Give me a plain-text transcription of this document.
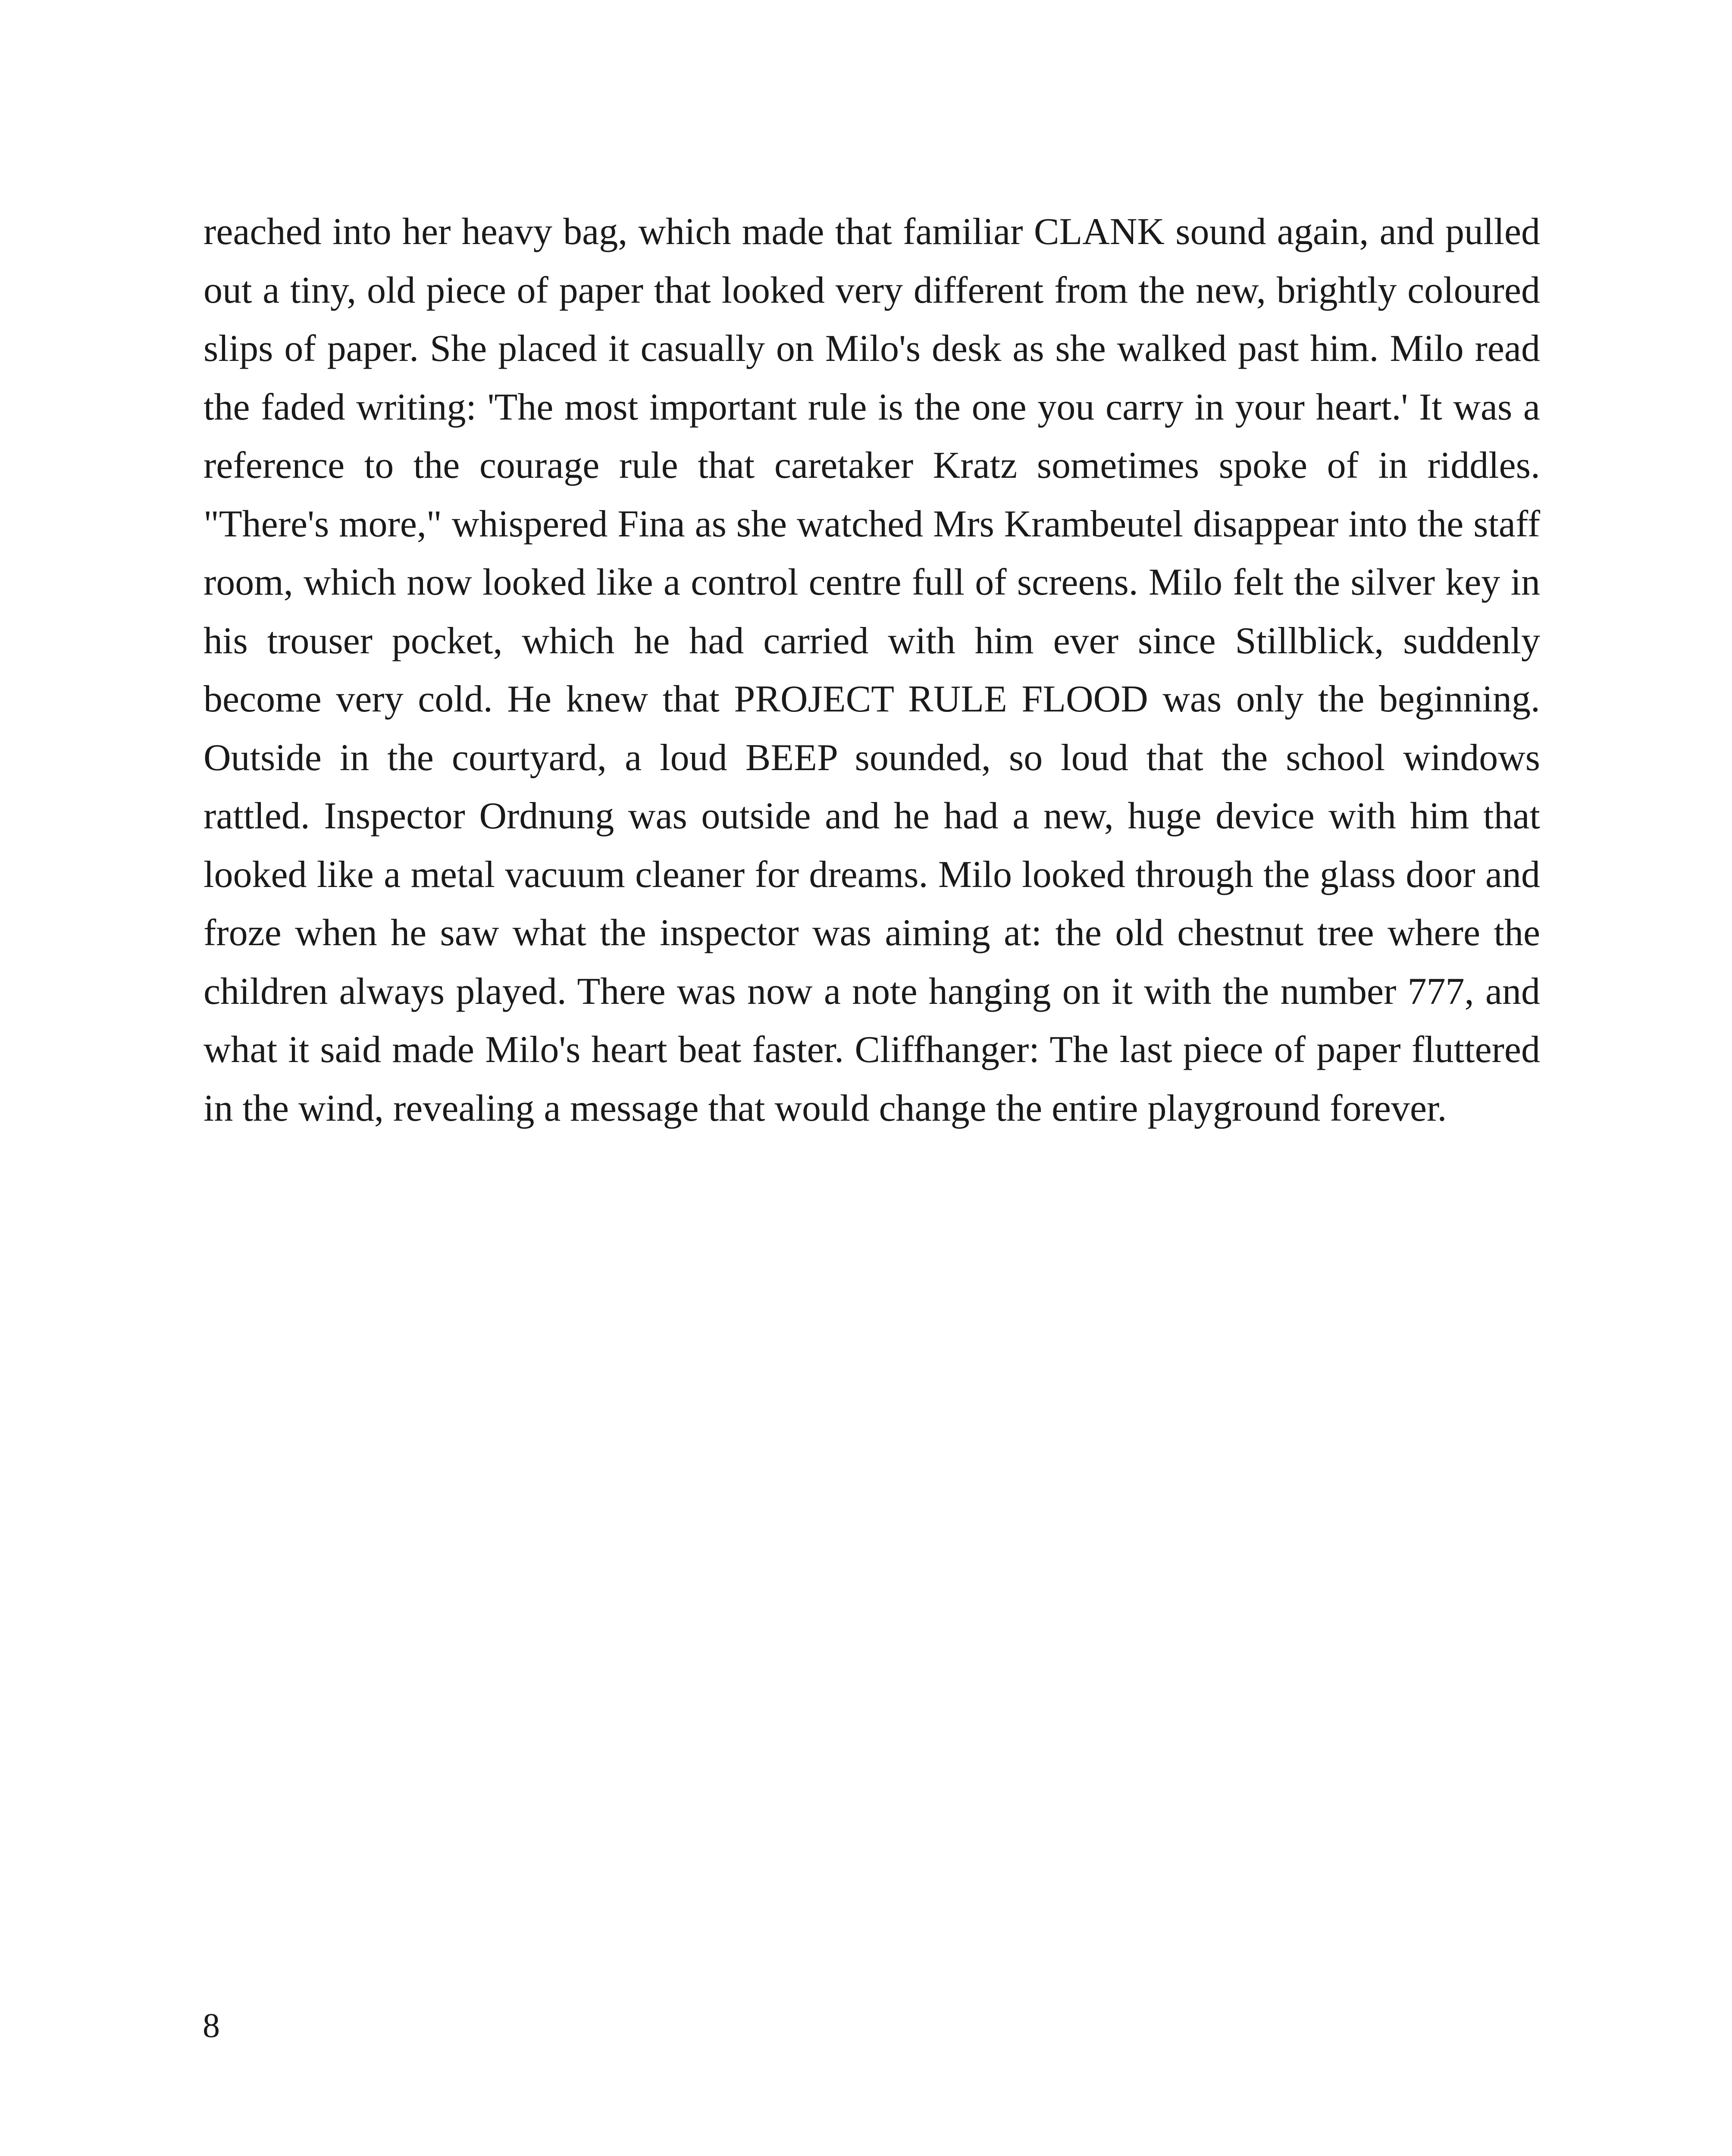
reached into her heavy bag, which made that familiar CLANK sound again, and pulled out a tiny, old piece of paper that looked very different from the new, brightly coloured slips of paper. She placed it casually on Milo's desk as she walked past him. Milo read the faded writing: 'The most important rule is the one you carry in your heart.' It was a reference to the courage rule that caretaker Kratz sometimes spoke of in riddles. "There's more," whispered Fina as she watched Mrs Krambeutel disappear into the staff room, which now looked like a control centre full of screens. Milo felt the silver key in his trouser pocket, which he had carried with him ever since Stillblick, suddenly become very cold. He knew that PROJECT RULE FLOOD was only the beginning. Outside in the courtyard, a loud BEEP sounded, so loud that the school windows rattled. Inspector Ordnung was outside and he had a new, huge device with him that looked like a metal vacuum cleaner for dreams. Milo looked through the glass door and froze when he saw what the inspector was aiming at: the old chestnut tree where the children always played. There was now a note hanging on it with the number 777, and what it said made Milo's heart beat faster. Cliffhanger: The last piece of paper fluttered in the wind, revealing a message that would change the entire playground forever.

8
